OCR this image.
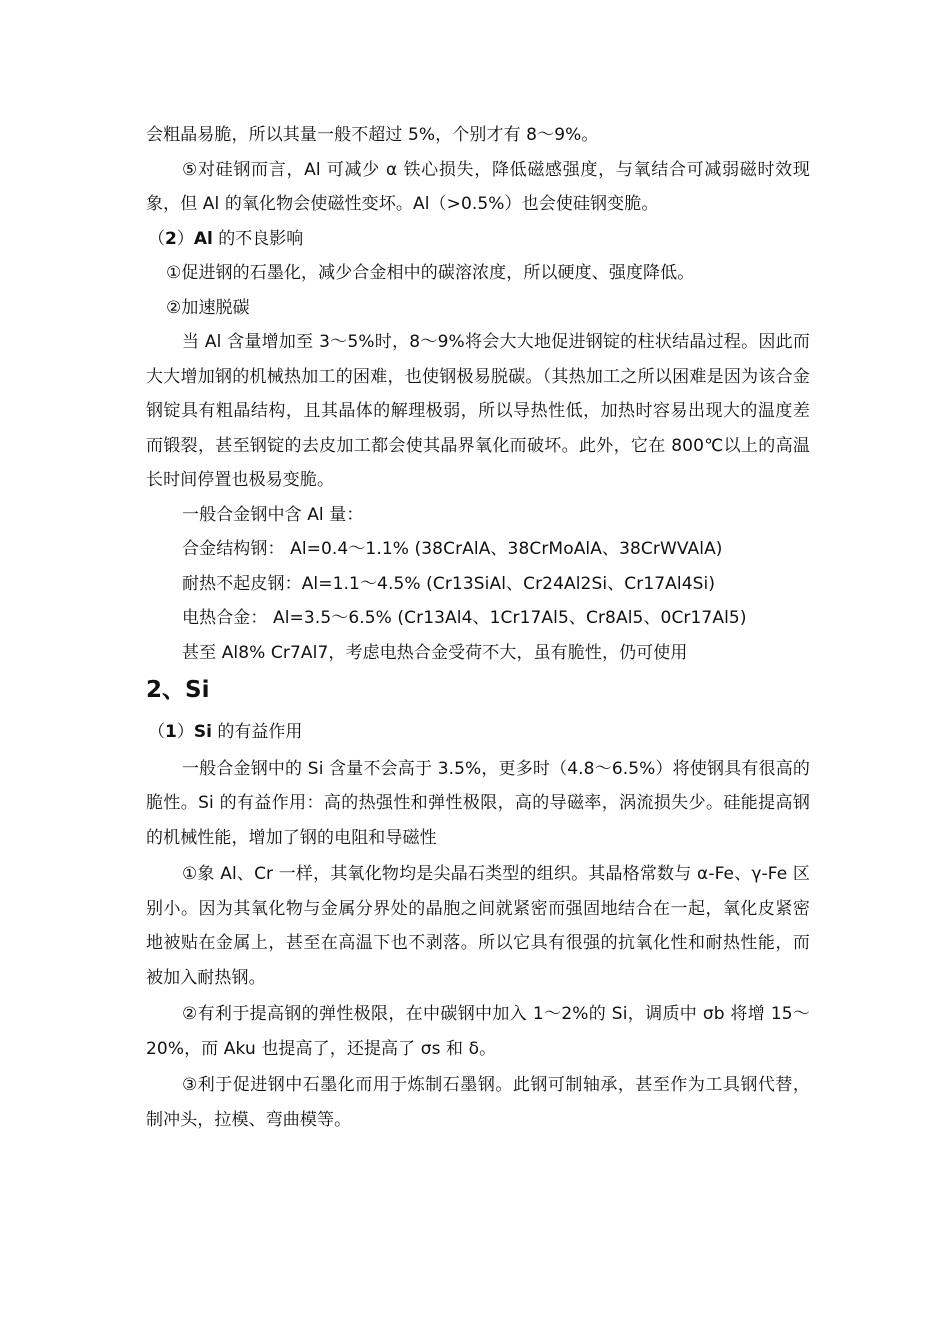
会粗晶易脆，所以其量一般不超过 5%，个别才有 8～9%。

⑤对硅钢而言，Al 可减少 α 铁心损失，降低磁感强度，与氧结合可减弱磁时效现象，但 Al 的氧化物会使磁性变坏。Al（>0.5%）也会使硅钢变脆。

（2）Al 的不良影响

①促进钢的石墨化，减少合金相中的碳溶浓度，所以硬度、强度降低。

②加速脱碳

当 Al 含量增加至 3～5%时，8～9%将会大大地促进钢锭的柱状结晶过程。因此而大大增加钢的机械热加工的困难，也使钢极易脱碳。（其热加工之所以困难是因为该合金钢锭具有粗晶结构，且其晶体的解理极弱，所以导热性低，加热时容易出现大的温度差而锻裂，甚至钢锭的去皮加工都会使其晶界氧化而破坏。此外，它在 800℃以上的高温长时间停置也极易变脆。

一般合金钢中含 Al 量：

合金结构钢： Al=0.4～1.1% (38CrAlA、38CrMoAlA、38CrWVAlA)

耐热不起皮钢：Al=1.1～4.5% (Cr13SiAl、Cr24Al2Si、Cr17Al4Si)

电热合金： Al=3.5～6.5% (Cr13Al4、1Cr17Al5、Cr8Al5、0Cr17Al5)

甚至 Al8% Cr7Al7，考虑电热合金受荷不大，虽有脆性，仍可使用

2、Si
（1）Si 的有益作用

一般合金钢中的 Si 含量不会高于 3.5%，更多时（4.8～6.5%）将使钢具有很高的脆性。Si 的有益作用：高的热强性和弹性极限，高的导磁率，涡流损失少。硅能提高钢的机械性能，增加了钢的电阻和导磁性

①象 Al、Cr 一样，其氧化物均是尖晶石类型的组织。其晶格常数与 α-Fe、γ-Fe 区别小。因为其氧化物与金属分界处的晶胞之间就紧密而强固地结合在一起，氧化皮紧密地被贴在金属上，甚至在高温下也不剥落。所以它具有很强的抗氧化性和耐热性能，而被加入耐热钢。

②有利于提高钢的弹性极限，在中碳钢中加入 1～2%的 Si，调质中 σb 将增 15～20%，而 Aku 也提高了，还提高了 σs 和 δ。

③利于促进钢中石墨化而用于炼制石墨钢。此钢可制轴承，甚至作为工具钢代替，制冲头，拉模、弯曲模等。
